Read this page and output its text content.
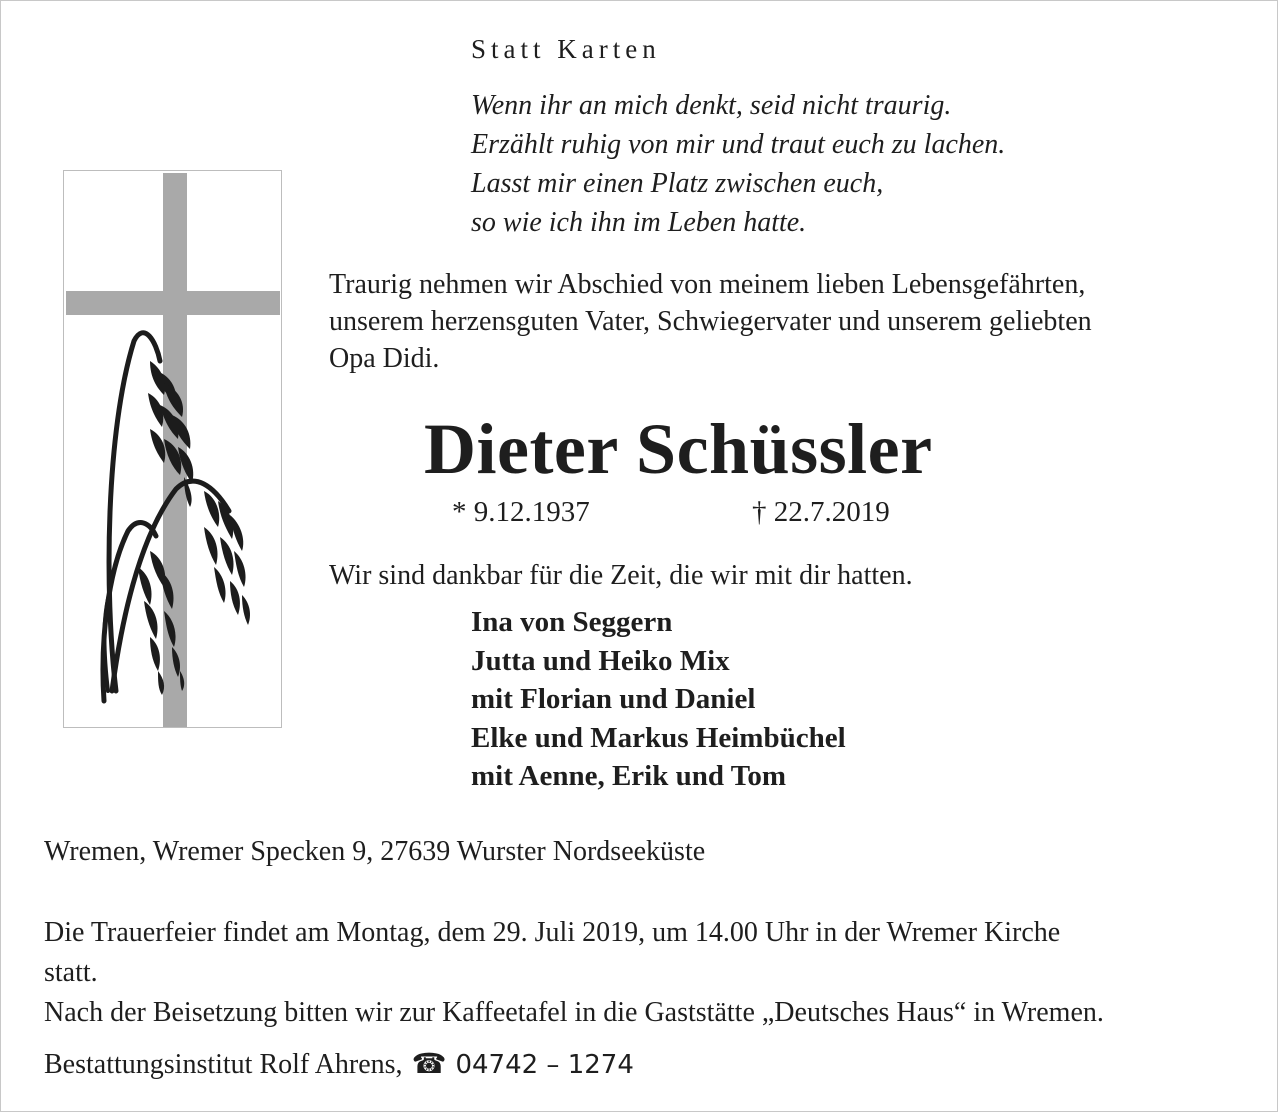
Statt Karten
Wenn ihr an mich denkt, seid nicht traurig.
Erzählt ruhig von mir und traut euch zu lachen.
Lasst mir einen Platz zwischen euch,
so wie ich ihn im Leben hatte.
Traurig nehmen wir Abschied von meinem lieben Lebensgefährten,
unserem herzensguten Vater, Schwiegervater und unserem geliebten
Opa Didi.
Dieter Schüssler
* 9.12.1937	† 22.7.2019
Wir sind dankbar für die Zeit, die wir mit dir hatten.
Ina von Seggern
Jutta und Heiko Mix
mit Florian und Daniel
Elke und Markus Heimbüchel
mit Aenne, Erik und Tom
Wremen, Wremer Specken 9, 27639 Wurster Nordseeküste
Die Trauerfeier findet am Montag, dem 29. Juli 2019, um 14.00 Uhr in der Wremer Kirche
statt.
Nach der Beisetzung bitten wir zur Kaffeetafel in die Gaststätte „Deutsches Haus“ in Wremen.
Bestattungsinstitut Rolf Ahrens, ☎ 04742 – 1274
